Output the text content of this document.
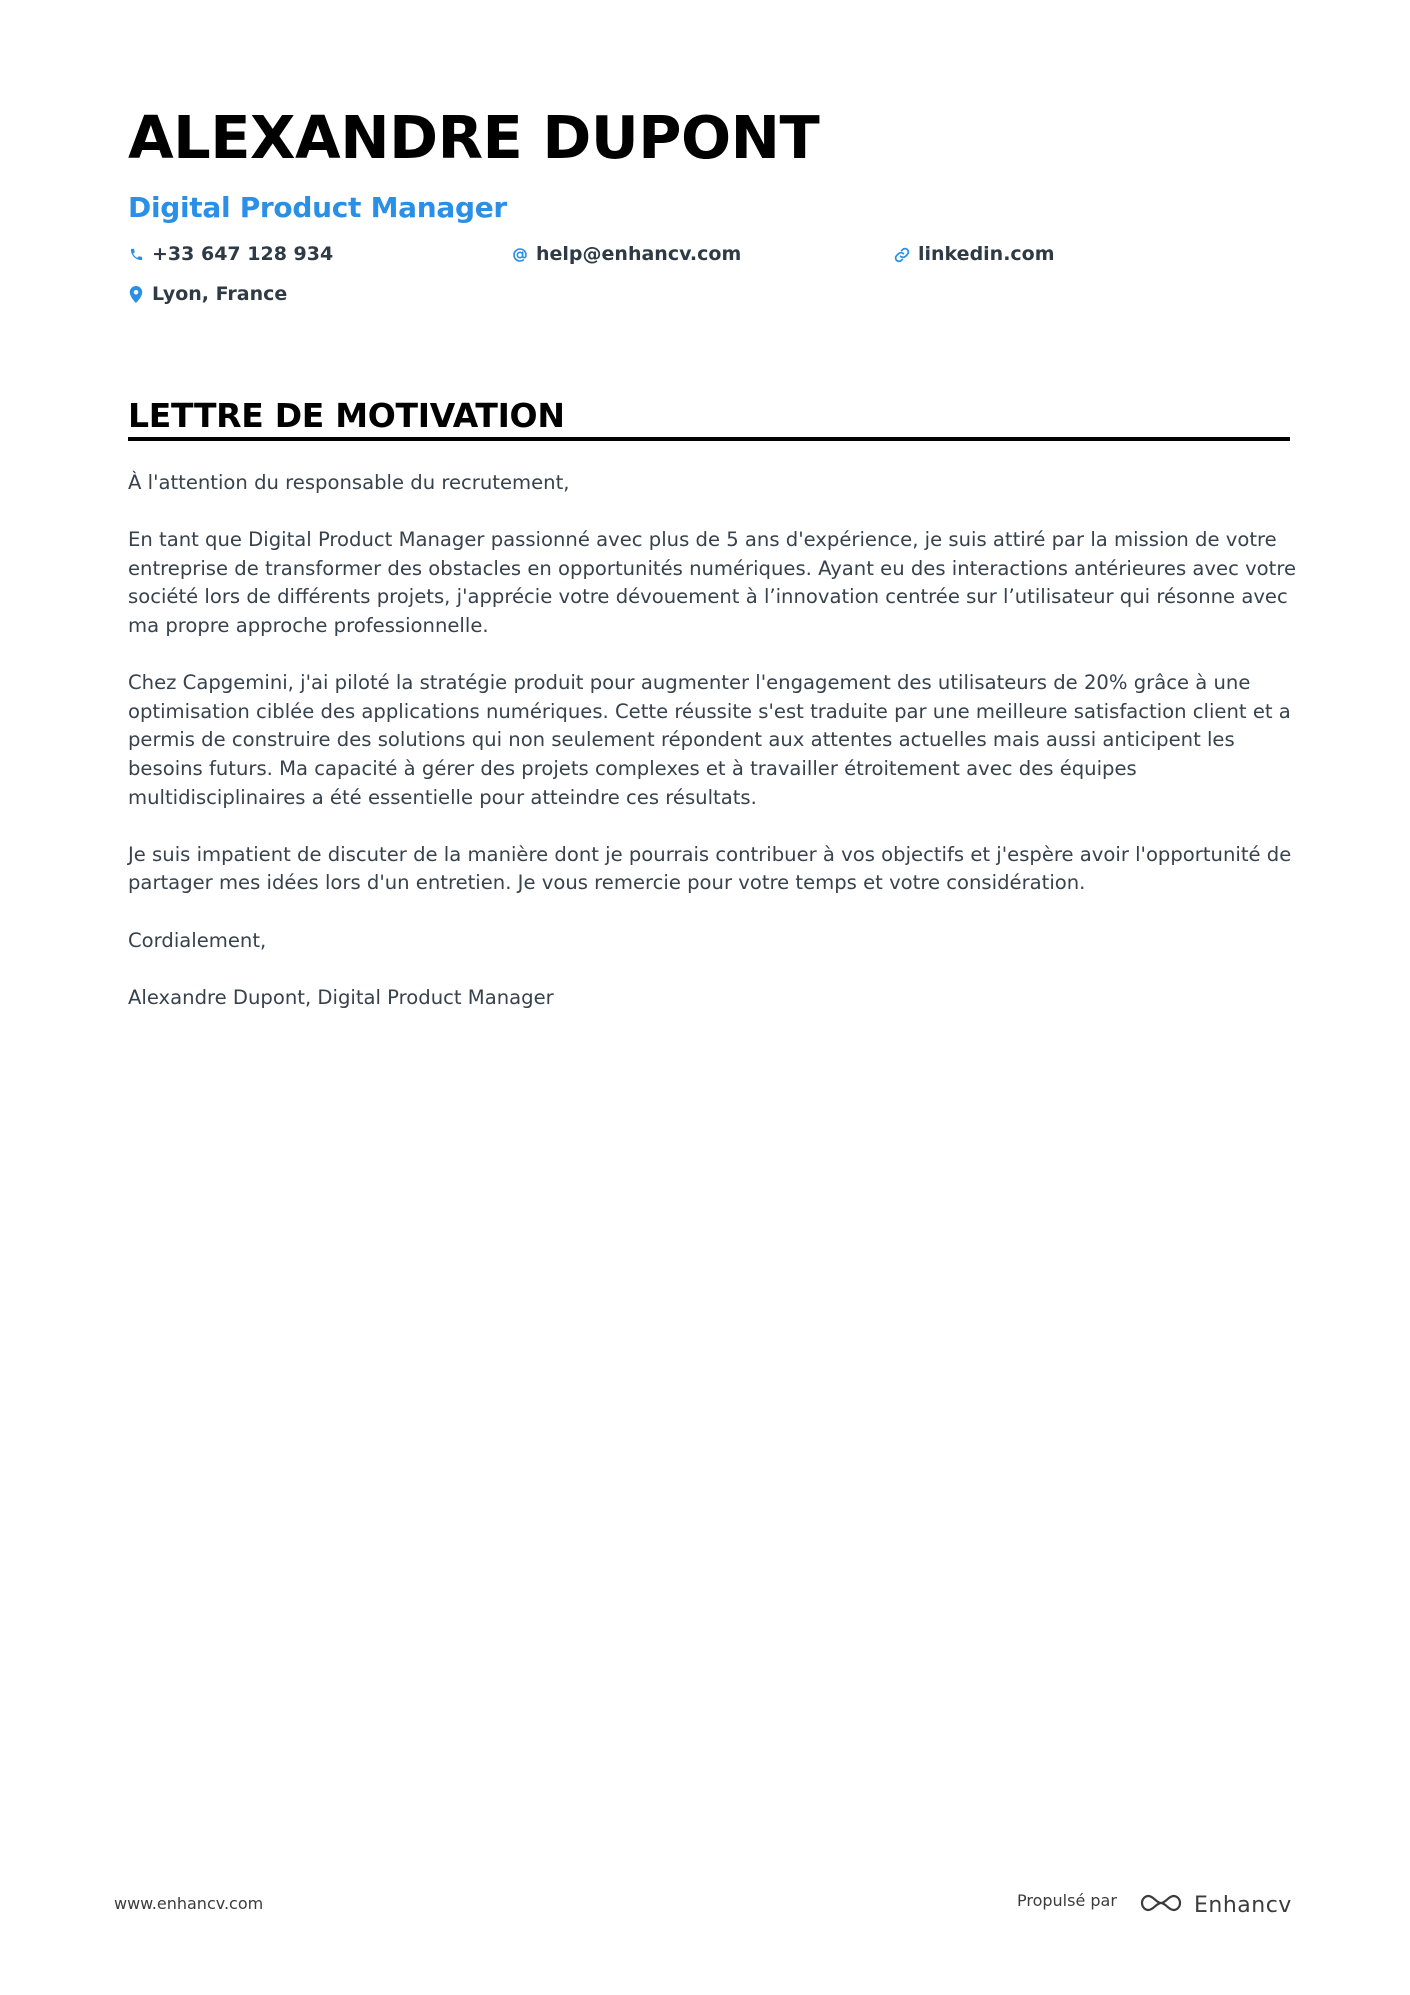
ALEXANDRE DUPONT
Digital Product Manager
+33 647 128 934	help@enhancv.com	linkedin.com
Lyon, France
LETTRE DE MOTIVATION

À l'attention du responsable du recrutement,

En tant que Digital Product Manager passionné avec plus de 5 ans d'expérience, je suis attiré par la mission de votre entreprise de transformer des obstacles en opportunités numériques. Ayant eu des interactions antérieures avec votre société lors de différents projets, j'apprécie votre dévouement à l’innovation centrée sur l’utilisateur qui résonne avec ma propre approche professionnelle.

Chez Capgemini, j'ai piloté la stratégie produit pour augmenter l'engagement des utilisateurs de 20% grâce à une optimisation ciblée des applications numériques. Cette réussite s'est traduite par une meilleure satisfaction client et a permis de construire des solutions qui non seulement répondent aux attentes actuelles mais aussi anticipent les besoins futurs. Ma capacité à gérer des projets complexes et à travailler étroitement avec des équipes multidisciplinaires a été essentielle pour atteindre ces résultats.

Je suis impatient de discuter de la manière dont je pourrais contribuer à vos objectifs et j'espère avoir l'opportunité de partager mes idées lors d'un entretien. Je vous remercie pour votre temps et votre considération.

Cordialement,

Alexandre Dupont, Digital Product Manager

www.enhancv.com	Propulsé par	Enhancv
